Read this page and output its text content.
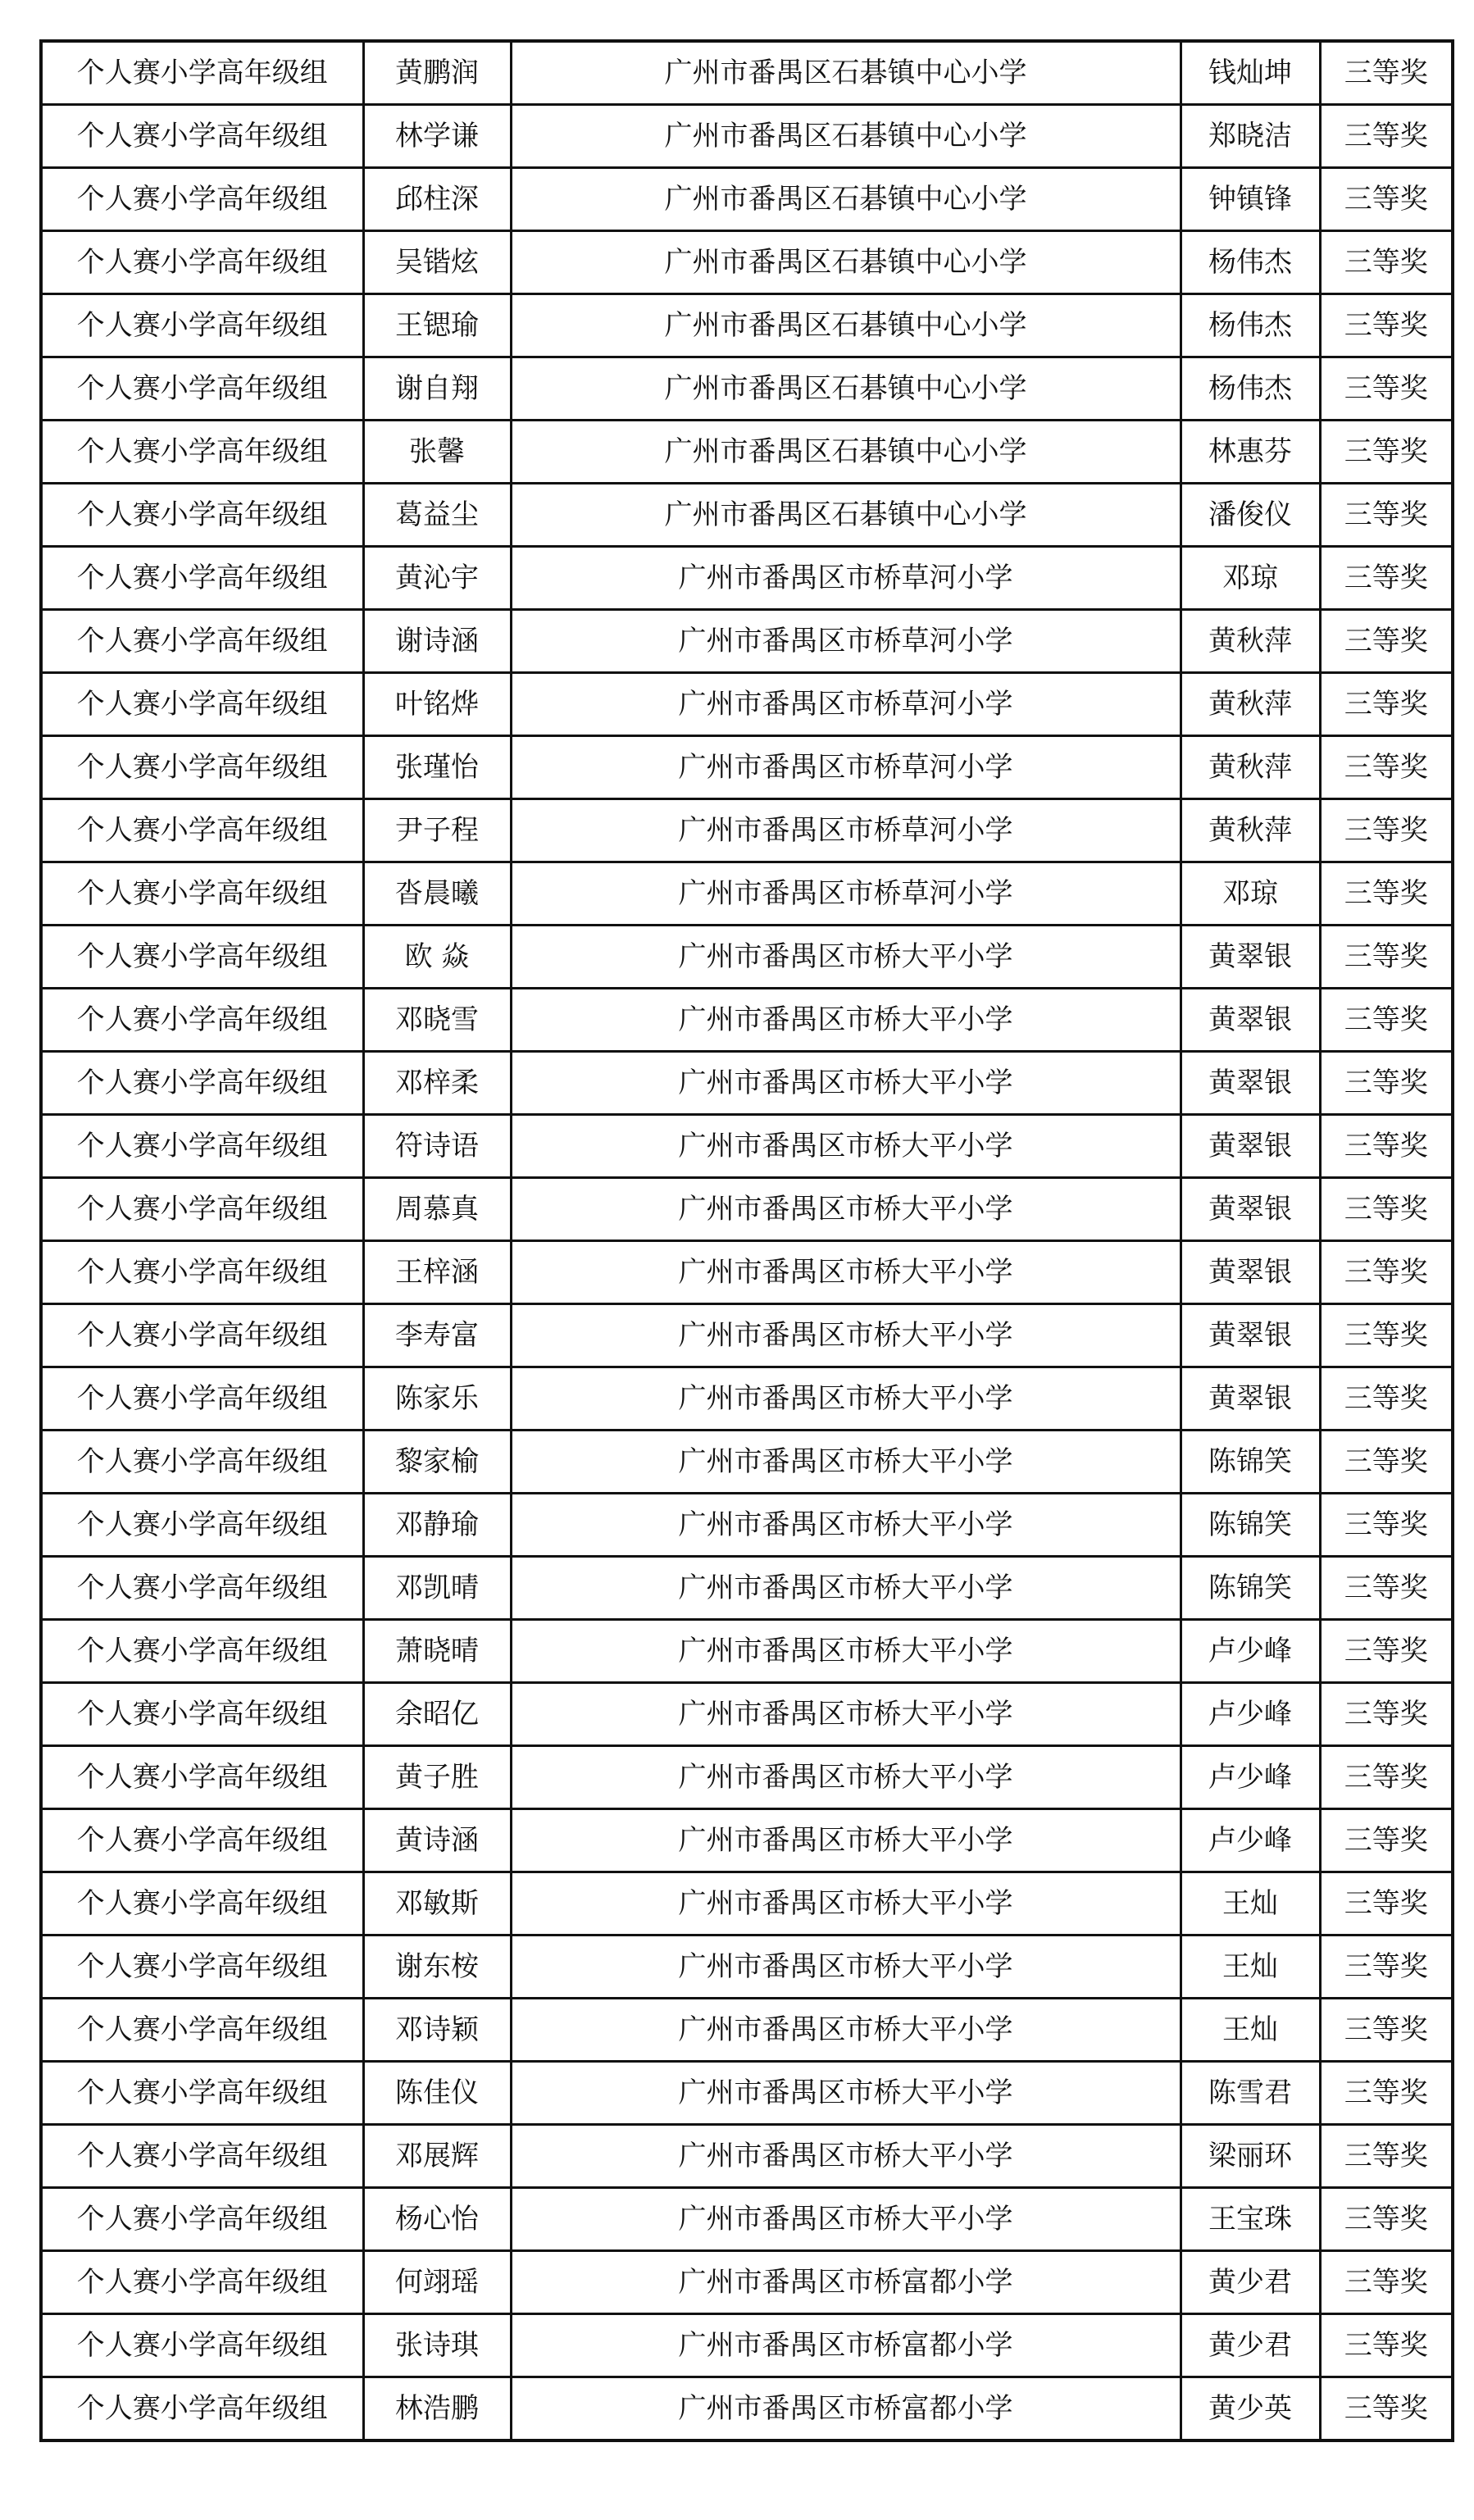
个人赛小学高年级组	黄鹏润	广州市番禺区石碁镇中心小学	钱灿坤	三等奖
个人赛小学高年级组	林学谦	广州市番禺区石碁镇中心小学	郑晓洁	三等奖
个人赛小学高年级组	邱柱深	广州市番禺区石碁镇中心小学	钟镇锋	三等奖
个人赛小学高年级组	吴锴炫	广州市番禺区石碁镇中心小学	杨伟杰	三等奖
个人赛小学高年级组	王锶瑜	广州市番禺区石碁镇中心小学	杨伟杰	三等奖
个人赛小学高年级组	谢自翔	广州市番禺区石碁镇中心小学	杨伟杰	三等奖
个人赛小学高年级组	张馨	广州市番禺区石碁镇中心小学	林惠芬	三等奖
个人赛小学高年级组	葛益尘	广州市番禺区石碁镇中心小学	潘俊仪	三等奖
个人赛小学高年级组	黄沁宇	广州市番禺区市桥草河小学	邓琼	三等奖
个人赛小学高年级组	谢诗涵	广州市番禺区市桥草河小学	黄秋萍	三等奖
个人赛小学高年级组	叶铭烨	广州市番禺区市桥草河小学	黄秋萍	三等奖
个人赛小学高年级组	张瑾怡	广州市番禺区市桥草河小学	黄秋萍	三等奖
个人赛小学高年级组	尹子程	广州市番禺区市桥草河小学	黄秋萍	三等奖
个人赛小学高年级组	沓晨曦	广州市番禺区市桥草河小学	邓琼	三等奖
个人赛小学高年级组	欧 焱	广州市番禺区市桥大平小学	黄翠银	三等奖
个人赛小学高年级组	邓晓雪	广州市番禺区市桥大平小学	黄翠银	三等奖
个人赛小学高年级组	邓梓柔	广州市番禺区市桥大平小学	黄翠银	三等奖
个人赛小学高年级组	符诗语	广州市番禺区市桥大平小学	黄翠银	三等奖
个人赛小学高年级组	周慕真	广州市番禺区市桥大平小学	黄翠银	三等奖
个人赛小学高年级组	王梓涵	广州市番禺区市桥大平小学	黄翠银	三等奖
个人赛小学高年级组	李寿富	广州市番禺区市桥大平小学	黄翠银	三等奖
个人赛小学高年级组	陈家乐	广州市番禺区市桥大平小学	黄翠银	三等奖
个人赛小学高年级组	黎家榆	广州市番禺区市桥大平小学	陈锦笑	三等奖
个人赛小学高年级组	邓静瑜	广州市番禺区市桥大平小学	陈锦笑	三等奖
个人赛小学高年级组	邓凯晴	广州市番禺区市桥大平小学	陈锦笑	三等奖
个人赛小学高年级组	萧晓晴	广州市番禺区市桥大平小学	卢少峰	三等奖
个人赛小学高年级组	余昭亿	广州市番禺区市桥大平小学	卢少峰	三等奖
个人赛小学高年级组	黄子胜	广州市番禺区市桥大平小学	卢少峰	三等奖
个人赛小学高年级组	黄诗涵	广州市番禺区市桥大平小学	卢少峰	三等奖
个人赛小学高年级组	邓敏斯	广州市番禺区市桥大平小学	王灿	三等奖
个人赛小学高年级组	谢东桉	广州市番禺区市桥大平小学	王灿	三等奖
个人赛小学高年级组	邓诗颖	广州市番禺区市桥大平小学	王灿	三等奖
个人赛小学高年级组	陈佳仪	广州市番禺区市桥大平小学	陈雪君	三等奖
个人赛小学高年级组	邓展辉	广州市番禺区市桥大平小学	梁丽环	三等奖
个人赛小学高年级组	杨心怡	广州市番禺区市桥大平小学	王宝珠	三等奖
个人赛小学高年级组	何翊瑶	广州市番禺区市桥富都小学	黄少君	三等奖
个人赛小学高年级组	张诗琪	广州市番禺区市桥富都小学	黄少君	三等奖
个人赛小学高年级组	林浩鹏	广州市番禺区市桥富都小学	黄少英	三等奖
